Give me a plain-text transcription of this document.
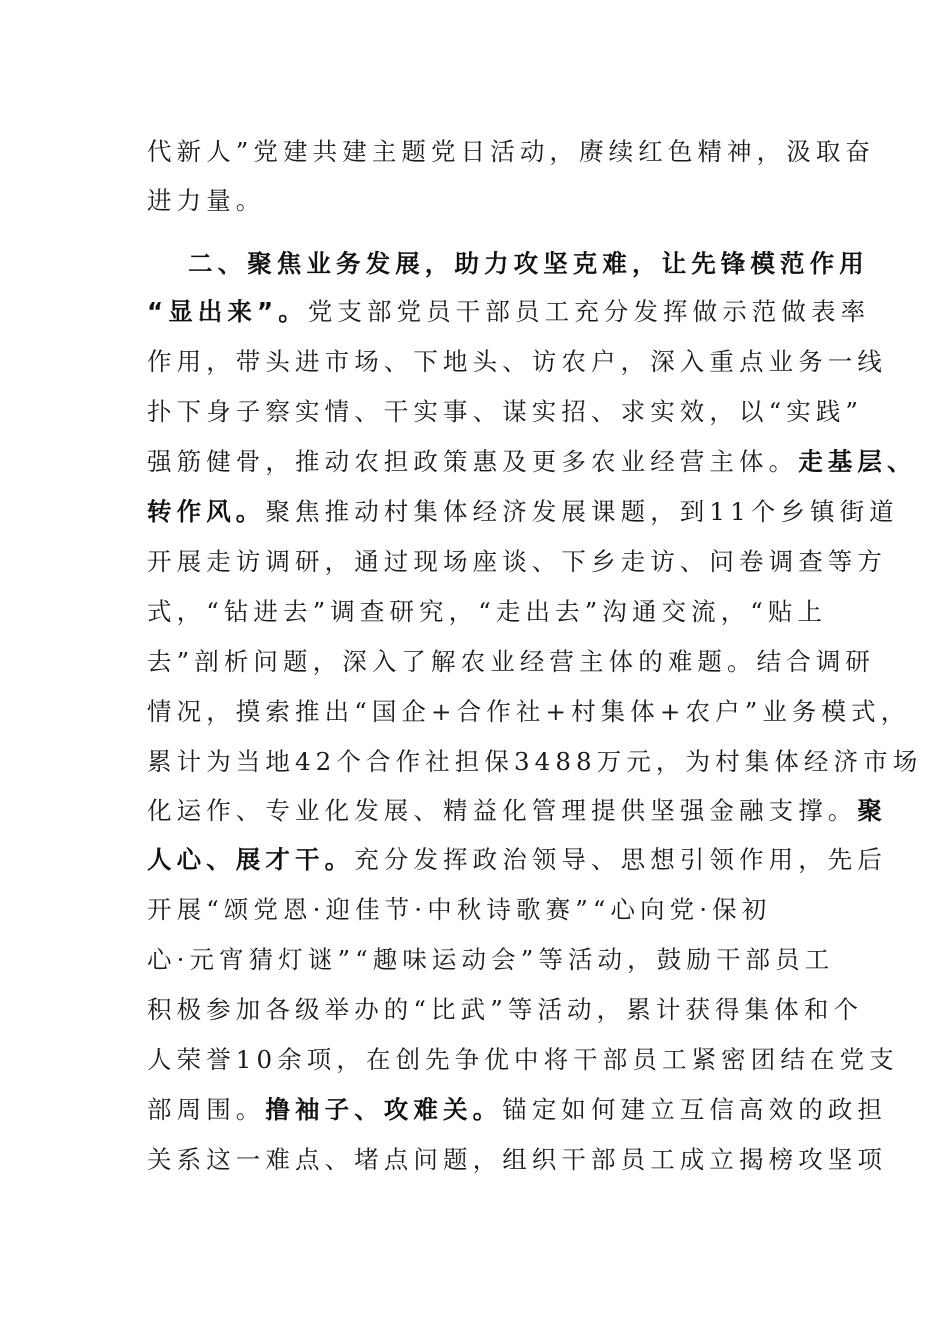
代新人”党建共建主题党日活动，赓续红色精神，汲取奋
进力量。
二、聚焦业务发展，助力攻坚克难，让先锋模范作用
“显出来”。党支部党员干部员工充分发挥做示范做表率
作用，带头进市场、下地头、访农户，深入重点业务一线
扑下身子察实情、干实事、谋实招、求实效，以“实践”
强筋健骨，推动农担政策惠及更多农业经营主体。走基层、
转作风。聚焦推动村集体经济发展课题，到11个乡镇街道
开展走访调研，通过现场座谈、下乡走访、问卷调查等方
式，“钻进去”调查研究，“走出去”沟通交流，“贴上
去”剖析问题，深入了解农业经营主体的难题。结合调研
情况，摸索推出“国企+合作社+村集体+农户”业务模式，
累计为当地42个合作社担保3488万元，为村集体经济市场
化运作、专业化发展、精益化管理提供坚强金融支撑。聚
人心、展才干。充分发挥政治领导、思想引领作用，先后
开展“颂党恩·迎佳节·中秋诗歌赛”“心向党·保初
心·元宵猜灯谜”“趣味运动会”等活动，鼓励干部员工
积极参加各级举办的“比武”等活动，累计获得集体和个
人荣誉10余项，在创先争优中将干部员工紧密团结在党支
部周围。撸袖子、攻难关。锚定如何建立互信高效的政担
关系这一难点、堵点问题，组织干部员工成立揭榜攻坚项
